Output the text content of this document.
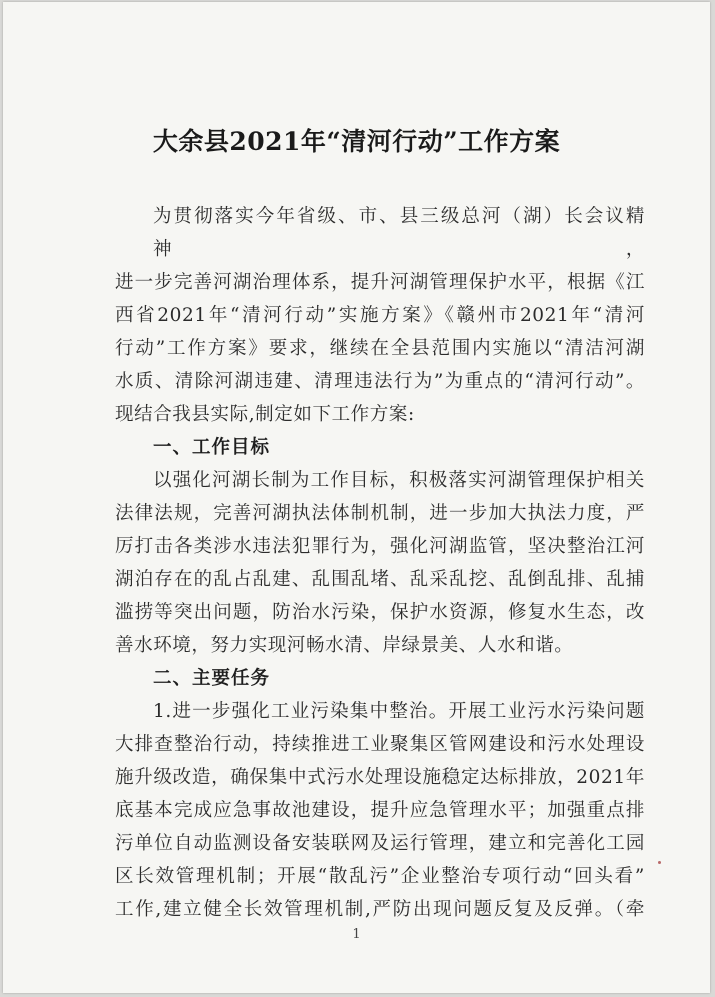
大余县2021年“清河行动”工作方案
为贯彻落实今年省级、市、县三级总河（湖）长会议精神，
进一步完善河湖治理体系，提升河湖管理保护水平，根据《江
西省2021年“清河行动”实施方案》《赣州市2021年“清河
行动”工作方案》要求，继续在全县范围内实施以“清洁河湖
水质、清除河湖违建、清理违法行为”为重点的“清河行动”。
现结合我县实际,制定如下工作方案:
一、工作目标
以强化河湖长制为工作目标，积极落实河湖管理保护相关
法律法规，完善河湖执法体制机制，进一步加大执法力度，严
厉打击各类涉水违法犯罪行为，强化河湖监管，坚决整治江河
湖泊存在的乱占乱建、乱围乱堵、乱采乱挖、乱倒乱排、乱捕
滥捞等突出问题，防治水污染，保护水资源，修复水生态，改
善水环境，努力实现河畅水清、岸绿景美、人水和谐。
二、主要任务
1.进一步强化工业污染集中整治。开展工业污水污染问题
大排查整治行动，持续推进工业聚集区管网建设和污水处理设
施升级改造，确保集中式污水处理设施稳定达标排放，2021年
底基本完成应急事故池建设，提升应急管理水平；加强重点排
污单位自动监测设备安装联网及运行管理，建立和完善化工园
区长效管理机制；开展“散乱污”企业整治专项行动“回头看”
工作,建立健全长效管理机制,严防出现问题反复及反弹。（牵
1
